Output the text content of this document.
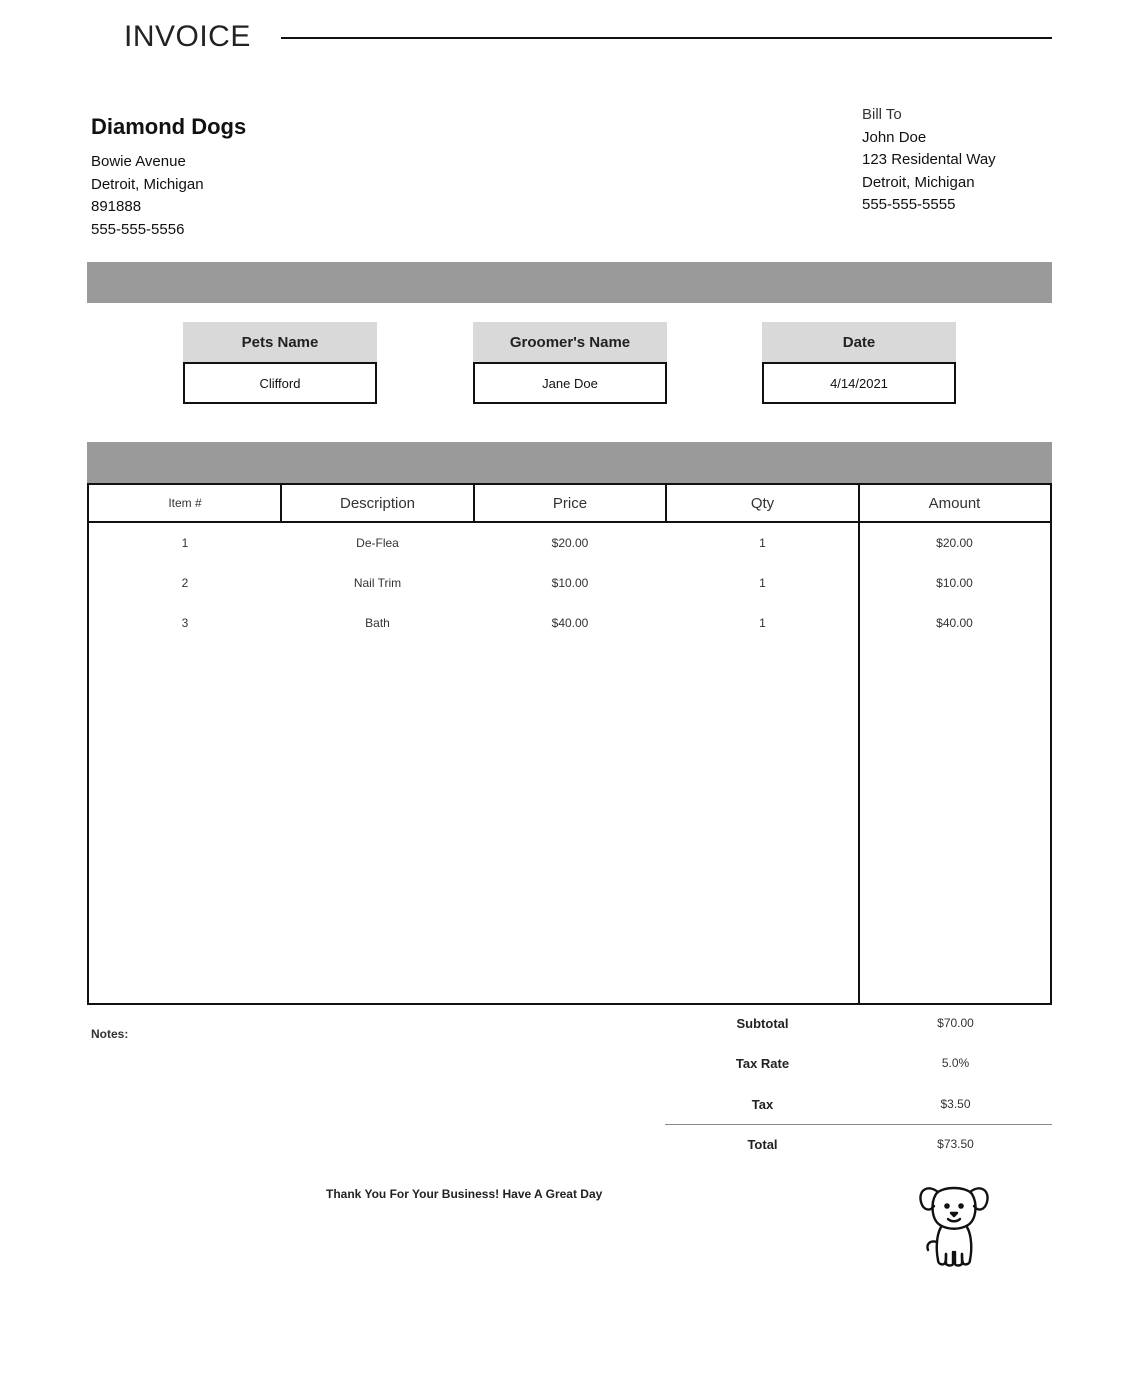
INVOICE
Diamond Dogs
Bowie Avenue
Detroit, Michigan
891888
555-555-5556
Bill To
John Doe
123 Residental Way
Detroit, Michigan
555-555-5555
Pets Name
Clifford
Groomer's Name
Jane Doe
Date
4/14/2021
Item #	Description	Price	Qty	Amount
1	De-Flea	$20.00	1	$20.00
2	Nail Trim	$10.00	1	$10.00
3	Bath	$40.00	1	$40.00
Notes:
Subtotal	$70.00
Tax Rate	5.0%
Tax	$3.50
Total	$73.50
Thank You For Your Business! Have A Great Day
